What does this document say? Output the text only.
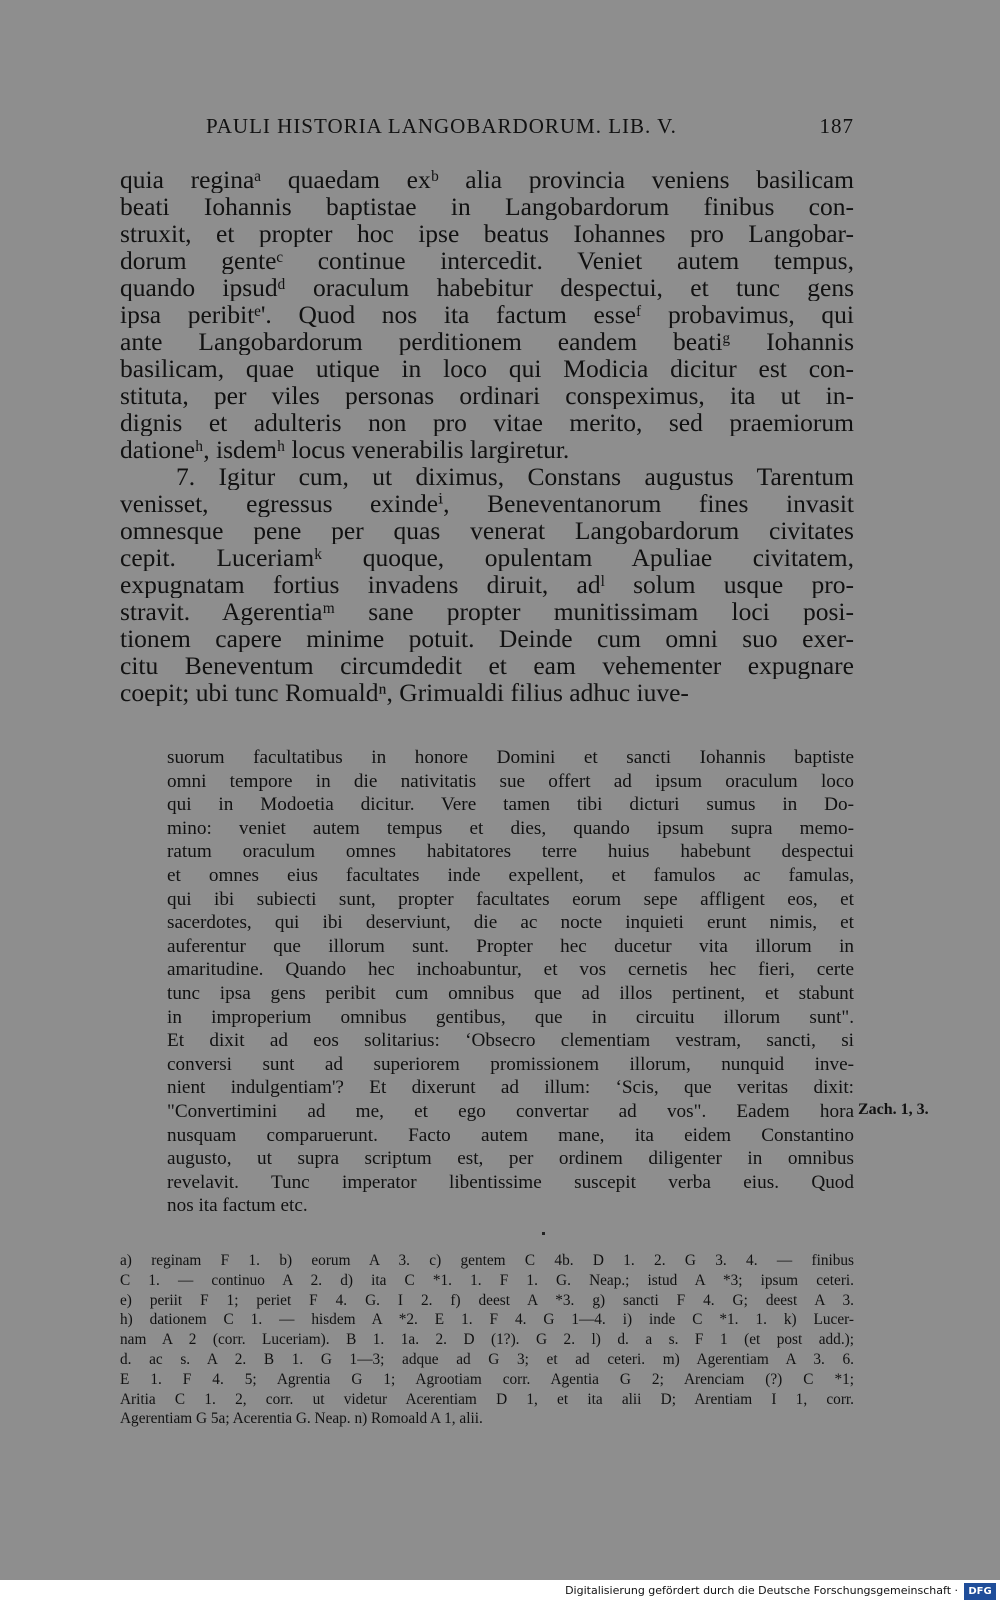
PAULI HISTORIA LANGOBARDORUM. LIB. V.	187
quia reginaᵃ quaedam exᵇ alia provincia veniens basilicam
beati Iohannis baptistae in Langobardorum finibus con-
struxit, et propter hoc ipse beatus Iohannes pro Langobar-
dorum genteᶜ continue intercedit. Veniet autem tempus,
quando ipsudᵈ oraculum habebitur despectui, et tunc gens
ipsa peribitᵉ'. Quod nos ita factum esseᶠ probavimus, qui
ante Langobardorum perditionem eandem beatiᵍ Iohannis
basilicam, quae utique in loco qui Modicia dicitur est con-
stituta, per viles personas ordinari conspeximus, ita ut in-
dignis et adulteris non pro vitae merito, sed praemiorum
dationeʰ, isdemʰ locus venerabilis largiretur.
7. Igitur cum, ut diximus, Constans augustus Tarentum
venisset, egressus exindeⁱ, Beneventanorum fines invasit
omnesque pene per quas venerat Langobardorum civitates
cepit. Luceriamᵏ quoque, opulentam Apuliae civitatem,
expugnatam fortius invadens diruit, adˡ solum usque pro-
stravit. Agerentiaᵐ sane propter munitissimam loci posi-
tionem capere minime potuit. Deinde cum omni suo exer-
citu Beneventum circumdedit et eam vehementer expugnare
coepit; ubi tunc Romualdⁿ, Grimualdi filius adhuc iuve-
suorum facultatibus in honore Domini et sancti Iohannis baptiste
omni tempore in die nativitatis sue offert ad ipsum oraculum loco
qui in Modoetia dicitur. Vere tamen tibi dicturi sumus in Do-
mino: veniet autem tempus et dies, quando ipsum supra memo-
ratum oraculum omnes habitatores terre huius habebunt despectui
et omnes eius facultates inde expellent, et famulos ac famulas,
qui ibi subiecti sunt, propter facultates eorum sepe affligent eos, et
sacerdotes, qui ibi deserviunt, die ac nocte inquieti erunt nimis, et
auferentur que illorum sunt. Propter hec ducetur vita illorum in
amaritudine. Quando hec inchoabuntur, et vos cernetis hec fieri, certe
tunc ipsa gens peribit cum omnibus que ad illos pertinent, et stabunt
in improperium omnibus gentibus, que in circuitu illorum sunt".
Et dixit ad eos solitarius: ‘Obsecro clementiam vestram, sancti, si
conversi sunt ad superiorem promissionem illorum, nunquid inve-
nient indulgentiam'? Et dixerunt ad illum: ‘Scis, que veritas dixit:
"Convertimini ad me, et ego convertar ad vos". Eadem hora
nusquam comparuerunt. Facto autem mane, ita eidem Constantino
augusto, ut supra scriptum est, per ordinem diligenter in omnibus
revelavit. Tunc imperator libentissime suscepit verba eius. Quod
nos ita factum etc.
Zach. 1, 3.
a) reginam F 1. b) eorum A 3. c) gentem C 4b. D 1. 2. G 3. 4. — finibus
C 1. — continuo A 2. d) ita C *1. 1. F 1. G. Neap.; istud A *3; ipsum ceteri.
e) periit F 1; periet F 4. G. I 2. f) deest A *3. g) sancti F 4. G; deest A 3.
h) dationem C 1. — hisdem A *2. E 1. F 4. G 1—4. i) inde C *1. 1. k) Lucer-
nam A 2 (corr. Luceriam). B 1. 1a. 2. D (1?). G 2. l) d. a s. F 1 (et post add.);
d. ac s. A 2. B 1. G 1—3; adque ad G 3; et ad ceteri. m) Agerentiam A 3. 6.
E 1. F 4. 5; Agrentia G 1; Agrootiam corr. Agentia G 2; Arenciam (?) C *1;
Aritia C 1. 2, corr. ut videtur Acerentiam D 1, et ita alii D; Arentiam I 1, corr.
Agerentiam G 5a; Acerentia G. Neap. n) Romoald A 1, alii.
Digitalisierung gefördert durch die Deutsche Forschungsgemeinschaft ·	DFG
